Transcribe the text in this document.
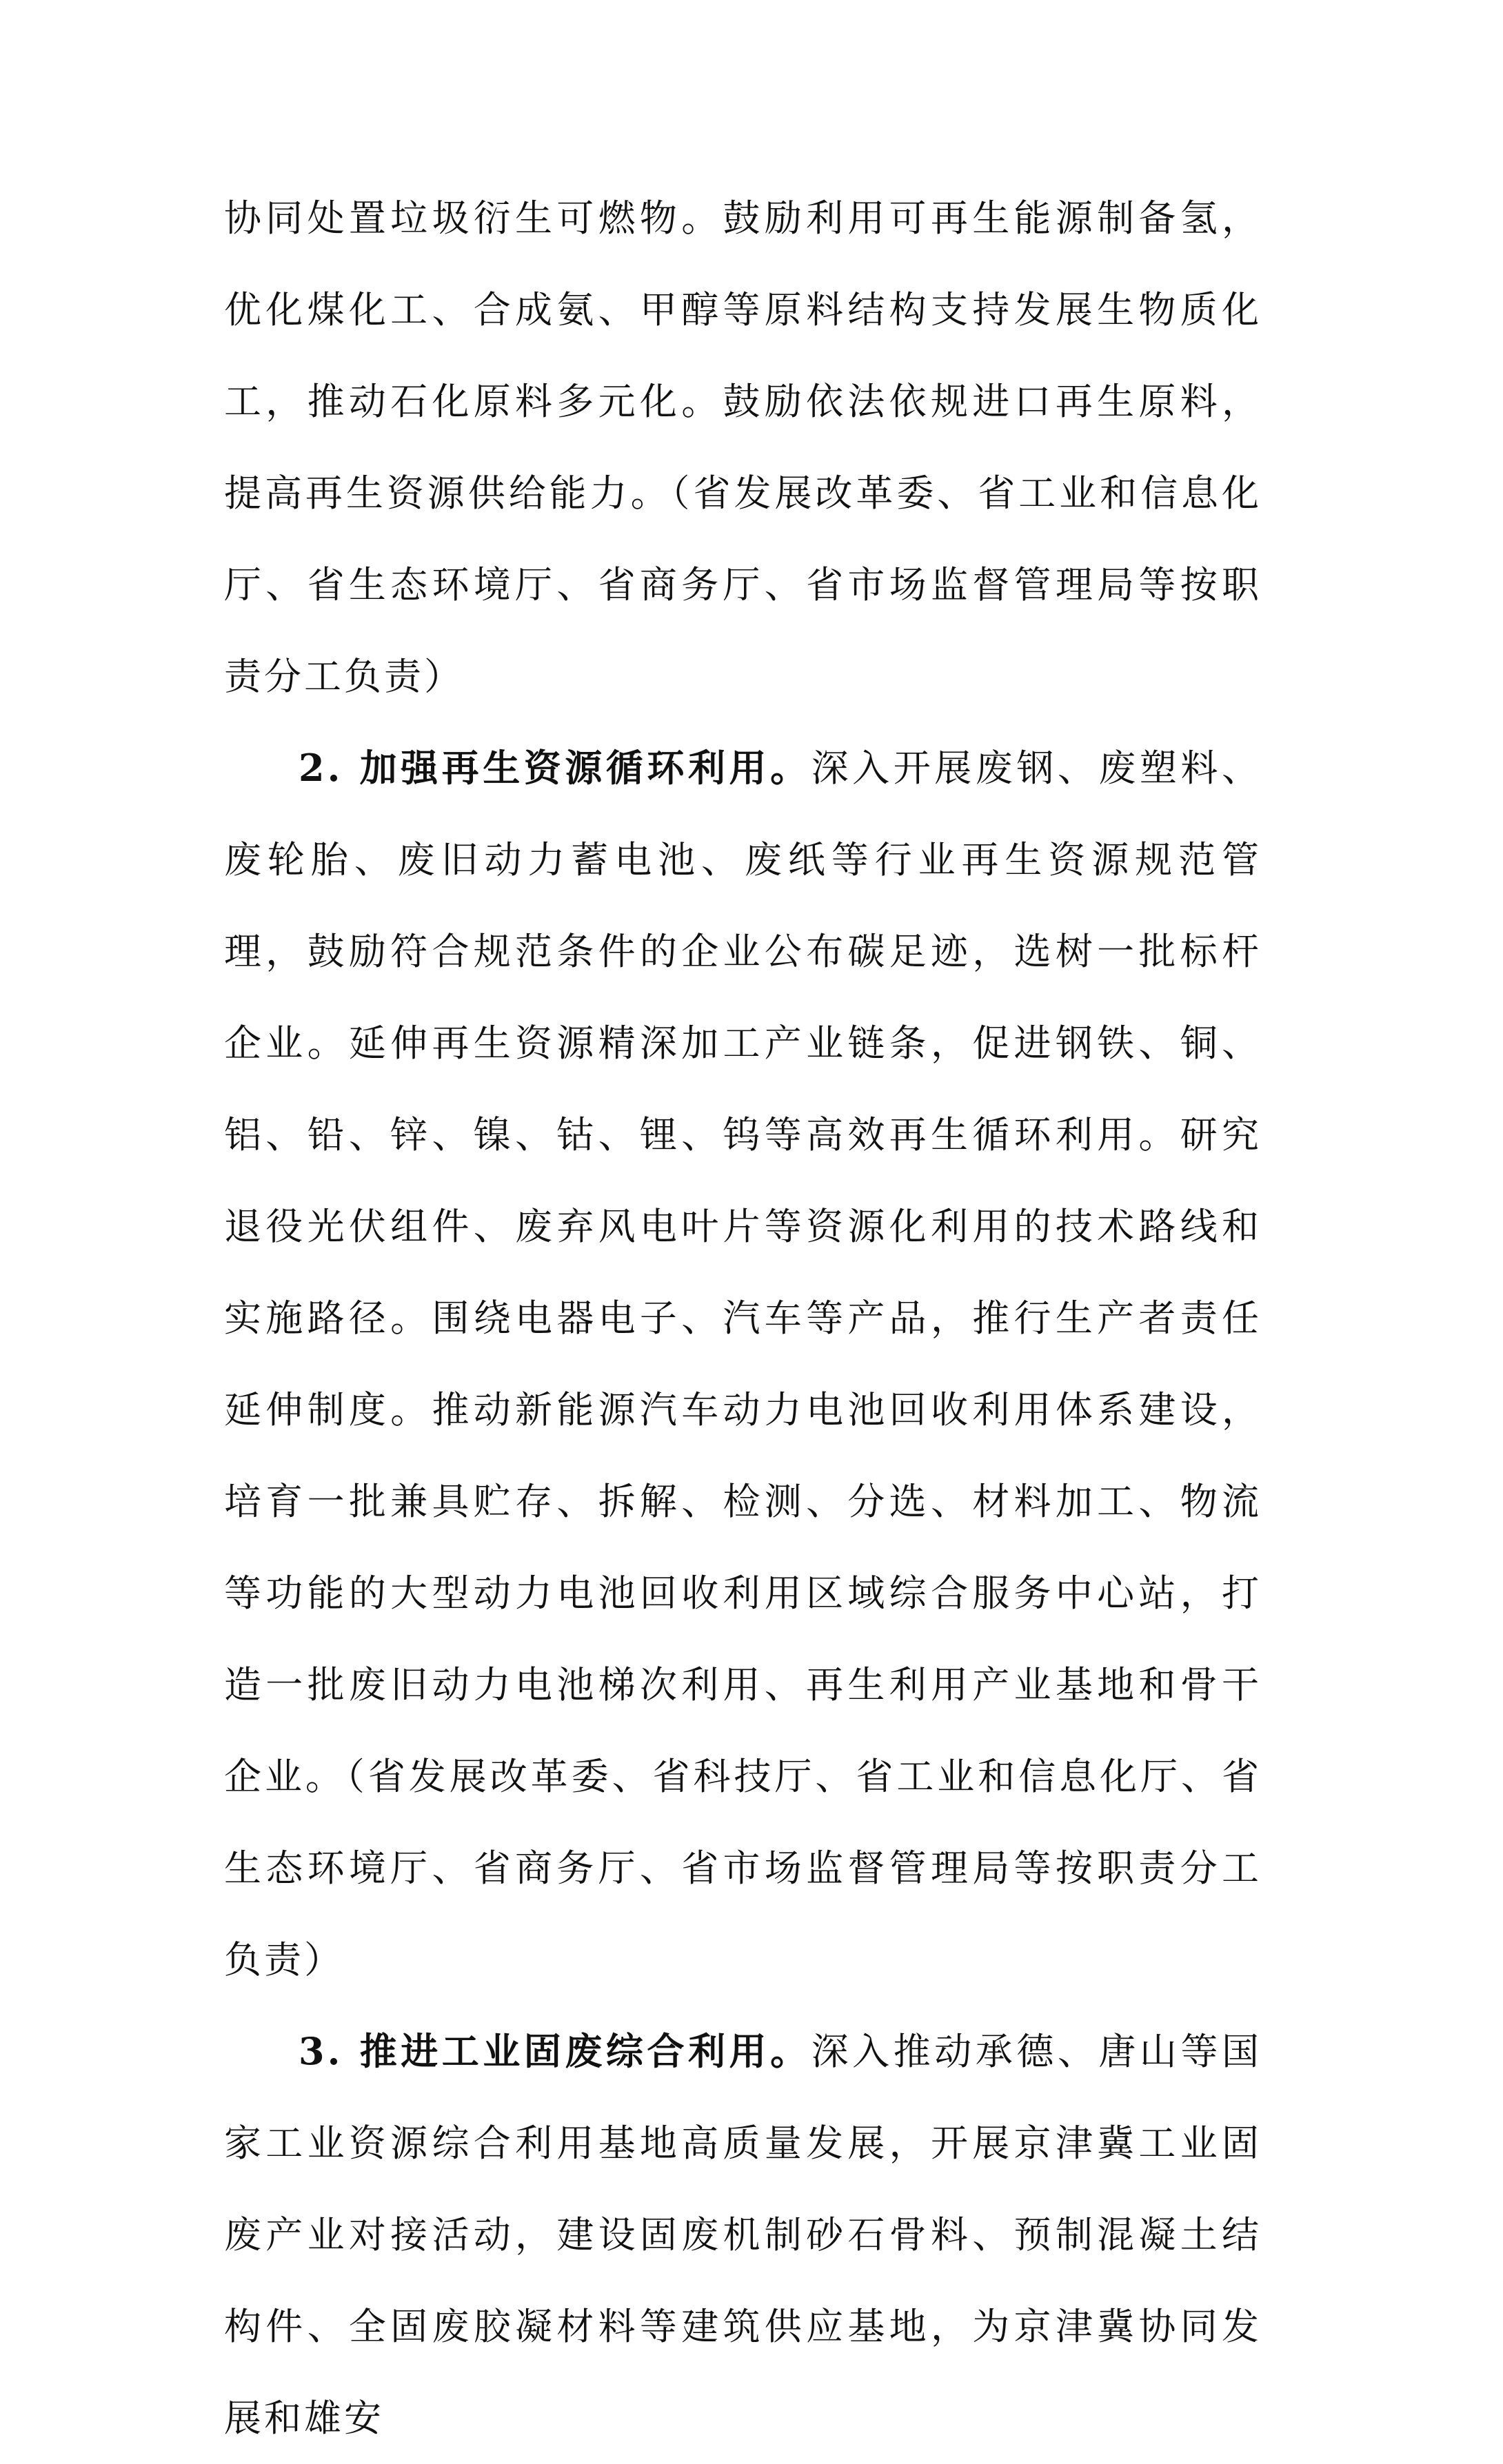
协同处置垃圾衍生可燃物。鼓励利用可再生能源制备氢，优化煤化工、合成氨、甲醇等原料结构支持发展生物质化工，推动石化原料多元化。鼓励依法依规进口再生原料，提高再生资源供给能力。（省发展改革委、省工业和信息化厅、省生态环境厅、省商务厅、省市场监督管理局等按职责分工负责）

2. 加强再生资源循环利用。深入开展废钢、废塑料、废轮胎、废旧动力蓄电池、废纸等行业再生资源规范管理，鼓励符合规范条件的企业公布碳足迹，选树一批标杆企业。延伸再生资源精深加工产业链条，促进钢铁、铜、铝、铅、锌、镍、钴、锂、钨等高效再生循环利用。研究退役光伏组件、废弃风电叶片等资源化利用的技术路线和实施路径。围绕电器电子、汽车等产品，推行生产者责任延伸制度。推动新能源汽车动力电池回收利用体系建设，培育一批兼具贮存、拆解、检测、分选、材料加工、物流等功能的大型动力电池回收利用区域综合服务中心站，打造一批废旧动力电池梯次利用、再生利用产业基地和骨干企业。（省发展改革委、省科技厅、省工业和信息化厅、省生态环境厅、省商务厅、省市场监督管理局等按职责分工负责）

3. 推进工业固废综合利用。深入推动承德、唐山等国家工业资源综合利用基地高质量发展，开展京津冀工业固废产业对接活动，建设固废机制砂石骨料、预制混凝土结构件、全固废胶凝材料等建筑供应基地，为京津冀协同发展和雄安
